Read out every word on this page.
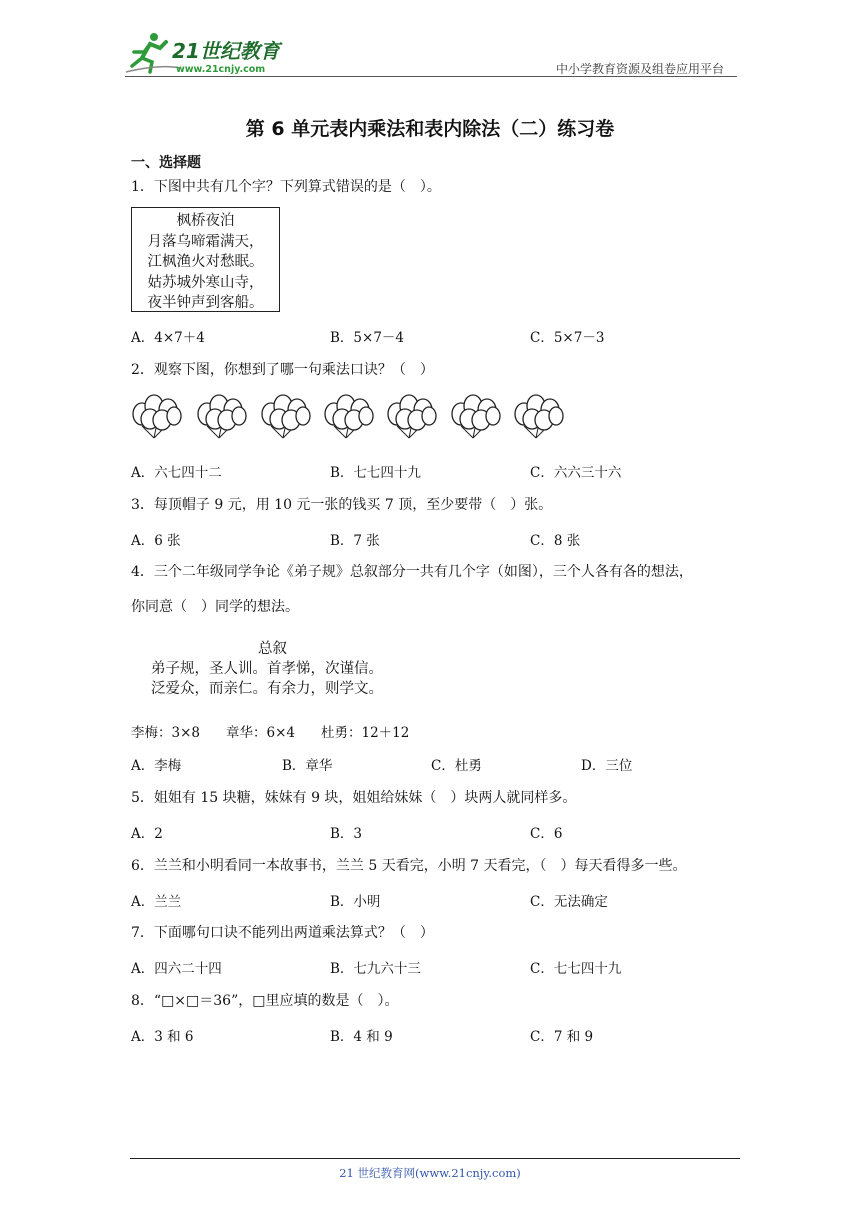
21世纪教育
www.21cnjy.com	中小学教育资源及组卷应用平台
第 6 单元表内乘法和表内除法（二）练习卷
一、选择题
1．下图中共有几个字？下列算式错误的是（　）。
枫桥夜泊
月落乌啼霜满天，
江枫渔火对愁眠。
姑苏城外寒山寺，
夜半钟声到客船。
A．4×7＋4	B．5×7－4	C．5×7－3
2．观察下图，你想到了哪一句乘法口诀？（　）
A．六七四十二	B．七七四十九	C．六六三十六
3．每顶帽子 9 元，用 10 元一张的钱买 7 顶，至少要带（　）张。
A．6 张	B．7 张	C．8 张
4．三个二年级同学争论《弟子规》总叙部分一共有几个字（如图），三个人各有各的想法，
你同意（　）同学的想法。
总叙
弟子规，圣人训。首孝悌，次谨信。
泛爱众，而亲仁。有余力，则学文。
李梅：3×8 章华：6×4 杜勇：12＋12
A．李梅	B．章华	C．杜勇	D．三位
5．姐姐有 15 块糖，妹妹有 9 块，姐姐给妹妹（　）块两人就同样多。
A．2	B．3	C．6
6．兰兰和小明看同一本故事书，兰兰 5 天看完，小明 7 天看完，（　）每天看得多一些。
A．兰兰	B．小明	C．无法确定
7．下面哪句口诀不能列出两道乘法算式？（　）
A．四六二十四	B．七九六十三	C．七七四十九
8．“□×□＝36”，□里应填的数是（　）。
A．3 和 6	B．4 和 9	C．7 和 9
21 世纪教育网(www.21cnjy.com)
